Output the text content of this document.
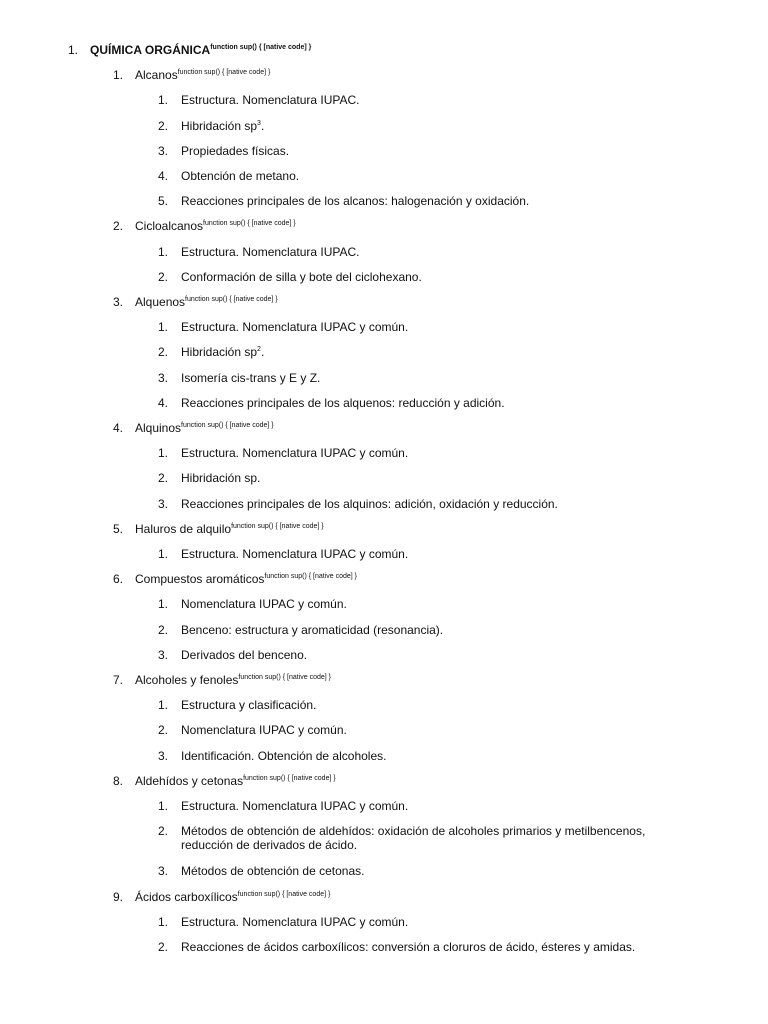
1. QUÍMICA $ORGÁNICA^{function sup() \{ [native code] \}}$
1. Alcanos$^{function sup() \{ [native code] \}}$
1. Estructura. Nomenclatura IUPAC.
2. Hibridación $sp^3$.
3. Propiedades físicas.
4. Obtención de metano.
5. Reacciones principales de los alcanos: halogenación y oxidación.
2. Cicloalcanos$^{function sup() \{ [native code] \}}$
1. Estructura. Nomenclatura IUPAC.
2. Conformación de silla y bote del ciclohexano.
3. Alquenos$^{function sup() \{ [native code] \}}$
1. Estructura. Nomenclatura IUPAC y común.
2. Hibridación $sp^2$.
3. Isomería cis-trans y E y Z.
4. Reacciones principales de los alquenos: reducción y adición.
4. Alquinos$^{function sup() \{ [native code] \}}$
1. Estructura. Nomenclatura IUPAC y común.
2. Hibridación sp.
3. Reacciones principales de los alquinos: adición, oxidación y reducción.
5. Haluros de alquilo$^{function sup() \{ [native code] \}}$
1. Estructura. Nomenclatura IUPAC y común.
6. Compuestos aromáticos$^{function sup() \{ [native code] \}}$
1. Nomenclatura IUPAC y común.
2. Benceno: estructura y aromaticidad (resonancia).
3. Derivados del benceno.
7. Alcoholes y fenoles$^{function sup() \{ [native code] \}}$
1. Estructura y clasificación.
2. Nomenclatura IUPAC y común.
3. Identificación. Obtención de alcoholes.
8. Aldehídos y cetonas$^{function sup() \{ [native code] \}}$
1. Estructura. Nomenclatura IUPAC y común.
2. Métodos de obtención de aldehídos: oxidación de alcoholes primarios y metilbencenos,
reducción de derivados de ácido.
3. Métodos de obtención de cetonas.
9. Ácidos carboxílicos$^{function sup() \{ [native code] \}}$
1. Estructura. Nomenclatura IUPAC y común.
2. Reacciones de ácidos carboxílicos: conversión a cloruros de ácido, ésteres y amidas.
